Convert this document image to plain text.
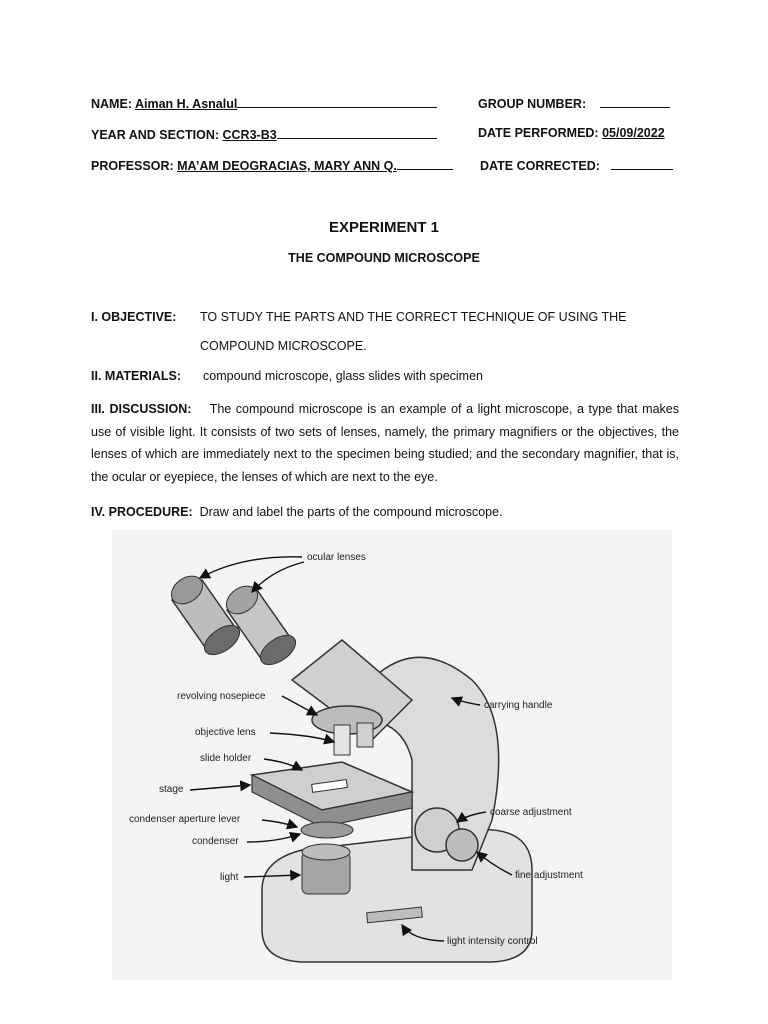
NAME: Aiman H. Asnalul	GROUP NUMBER:
YEAR AND SECTION: CCR3-B3	DATE PERFORMED: 05/09/2022
PROFESSOR: MA’AM DEOGRACIAS, MARY ANN Q.	DATE CORRECTED:
EXPERIMENT 1
THE COMPOUND MICROSCOPE
I. OBJECTIVE: TO STUDY THE PARTS AND THE CORRECT TECHNIQUE OF USING THE
COMPOUND MICROSCOPE.
II. MATERIALS: compound microscope, glass slides with specimen
III. DISCUSSION: The compound microscope is an example of a light microscope, a type that makes use of visible light. It consists of two sets of lenses, namely, the primary magnifiers or the objectives, the lenses of which are immediately next to the specimen being studied; and the secondary magnifier, that is, the ocular or eyepiece, the lenses of which are next to the eye.
IV. PROCEDURE: Draw and label the parts of the compound microscope.
ocular lenses
revolving nosepiece
carrying handle
objective lens
slide holder
stage
coarse adjustment
condenser aperture lever
condenser
fine adjustment
light
light intensity control
